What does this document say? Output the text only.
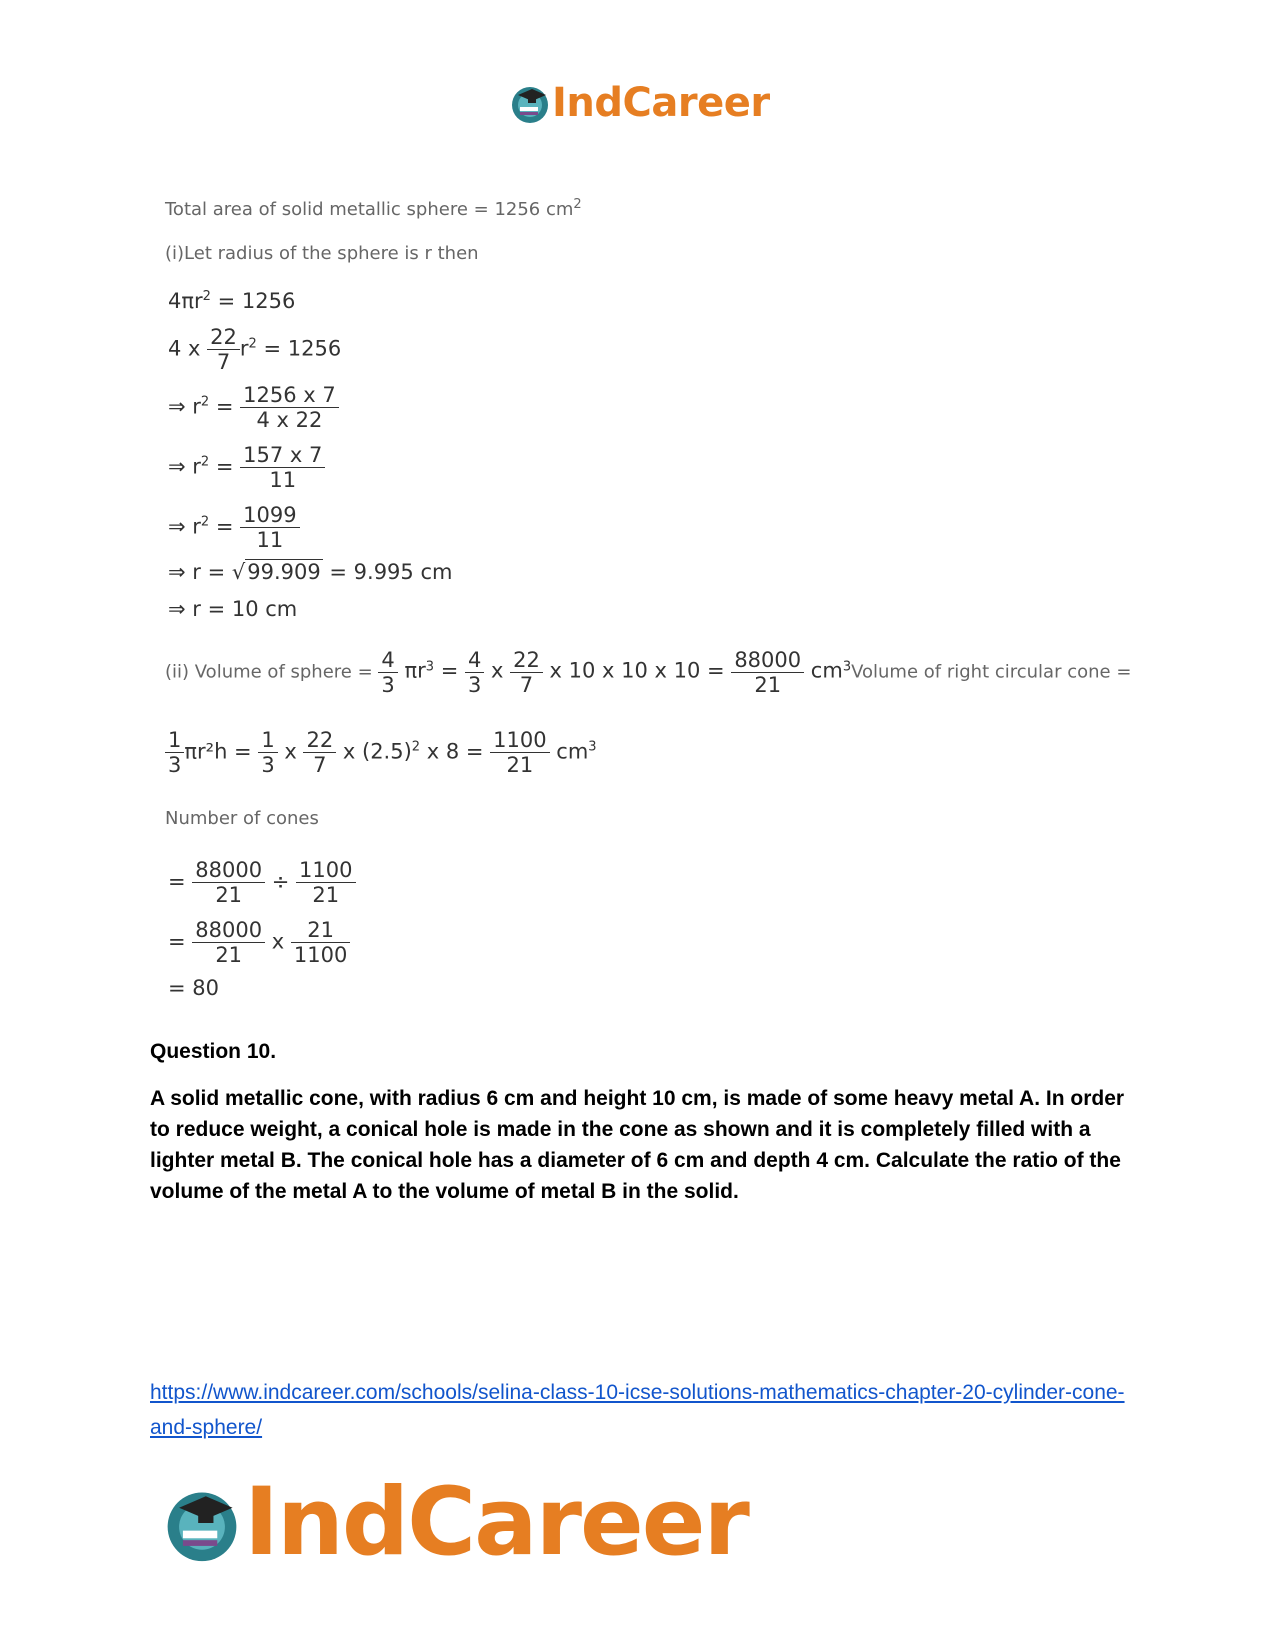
IndCareer
Total area of solid metallic sphere = 1256 $cm^2$
(i)Let radius of the sphere is r then
$4\pi r^2 = 1256$
4 x $\frac{22}{7} r^2 = 1256$
⇒ $r^2 = \frac{1256 x 7}{4 x 22}$
⇒ $r^2 = \frac{157 x 7}{11}$
⇒ $r^2 = \frac{1099}{11}$
⇒ r = √99.909 = 9.995 cm
⇒ r = 10 cm
(ii) Volume of sphere = $\frac{4}{3} \pi r^3 = \frac{4}{3}$ x $\frac{22}{7}$ x 10 x 10 x $10 = \frac{88000}{21}$ $cm^3Volume$ of right circular cone =
$\frac{1}{3} \pi r^2h = \frac{1}{3}$ x $\frac{22}{7}$ x $(2.5)^2$ x $8 = \frac{1100}{21} cm^3$
Number of cones
= $\frac{88000}{21} \div \frac{1100}{21}$
= $\frac{88000}{21}$ x $\frac{21}{1100}$
= 80
Question 10.
A solid metallic cone, with radius 6 cm and height 10 cm, is made of some heavy metal A. In order to reduce weight, a conical hole is made in the cone as shown and it is completely filled with a lighter metal B. The conical hole has a diameter of 6 cm and depth 4 cm. Calculate the ratio of the volume of the metal A to the volume of metal B in the solid.
https://www.indcareer.com/schools/selina-class-10-icse-solutions-mathematics-chapter-20-cylinder-cone-and-sphere/
IndCareer
